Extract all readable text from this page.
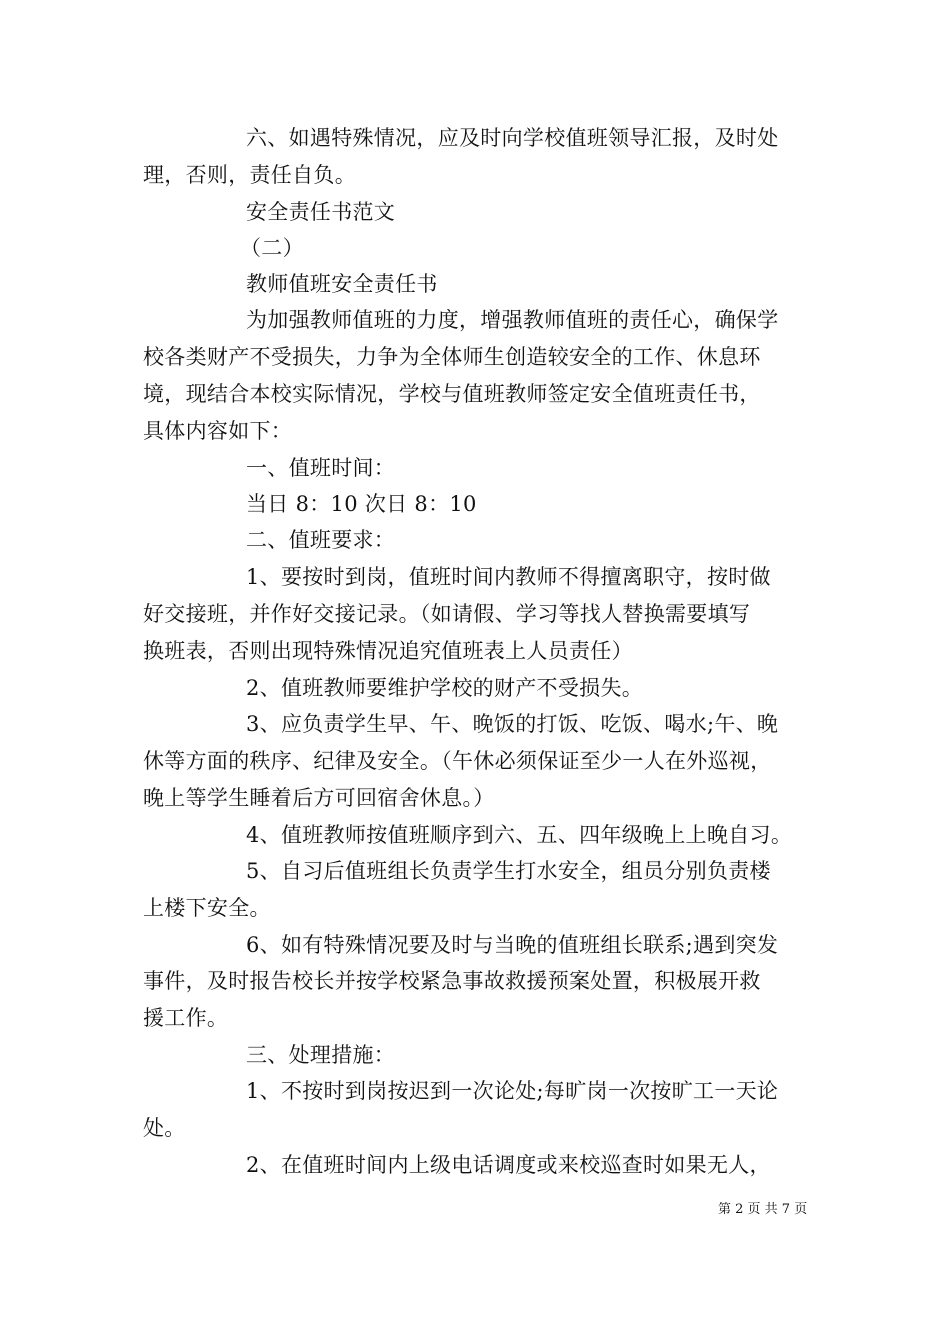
六、如遇特殊情况，应及时向学校值班领导汇报，及时处
理，否则，责任自负。
安全责任书范文
（二）
教师值班安全责任书
为加强教师值班的力度，增强教师值班的责任心，确保学
校各类财产不受损失，力争为全体师生创造较安全的工作、休息环
境，现结合本校实际情况，学校与值班教师签定安全值班责任书，
具体内容如下：
一、值班时间：
当日 8：10 次日 8：10
二、值班要求：
1、要按时到岗，值班时间内教师不得擅离职守，按时做
好交接班，并作好交接记录。（如请假、学习等找人替换需要填写
换班表，否则出现特殊情况追究值班表上人员责任）
2、值班教师要维护学校的财产不受损失。
3、应负责学生早、午、晚饭的打饭、吃饭、喝水;午、晚
休等方面的秩序、纪律及安全。（午休必须保证至少一人在外巡视，
晚上等学生睡着后方可回宿舍休息。）
4、值班教师按值班顺序到六、五、四年级晚上上晚自习。
5、自习后值班组长负责学生打水安全，组员分别负责楼
上楼下安全。
6、如有特殊情况要及时与当晚的值班组长联系;遇到突发
事件，及时报告校长并按学校紧急事故救援预案处置，积极展开救
援工作。
三、处理措施：
1、不按时到岗按迟到一次论处;每旷岗一次按旷工一天论
处。
2、在值班时间内上级电话调度或来校巡查时如果无人，
第 2 页 共 7 页
